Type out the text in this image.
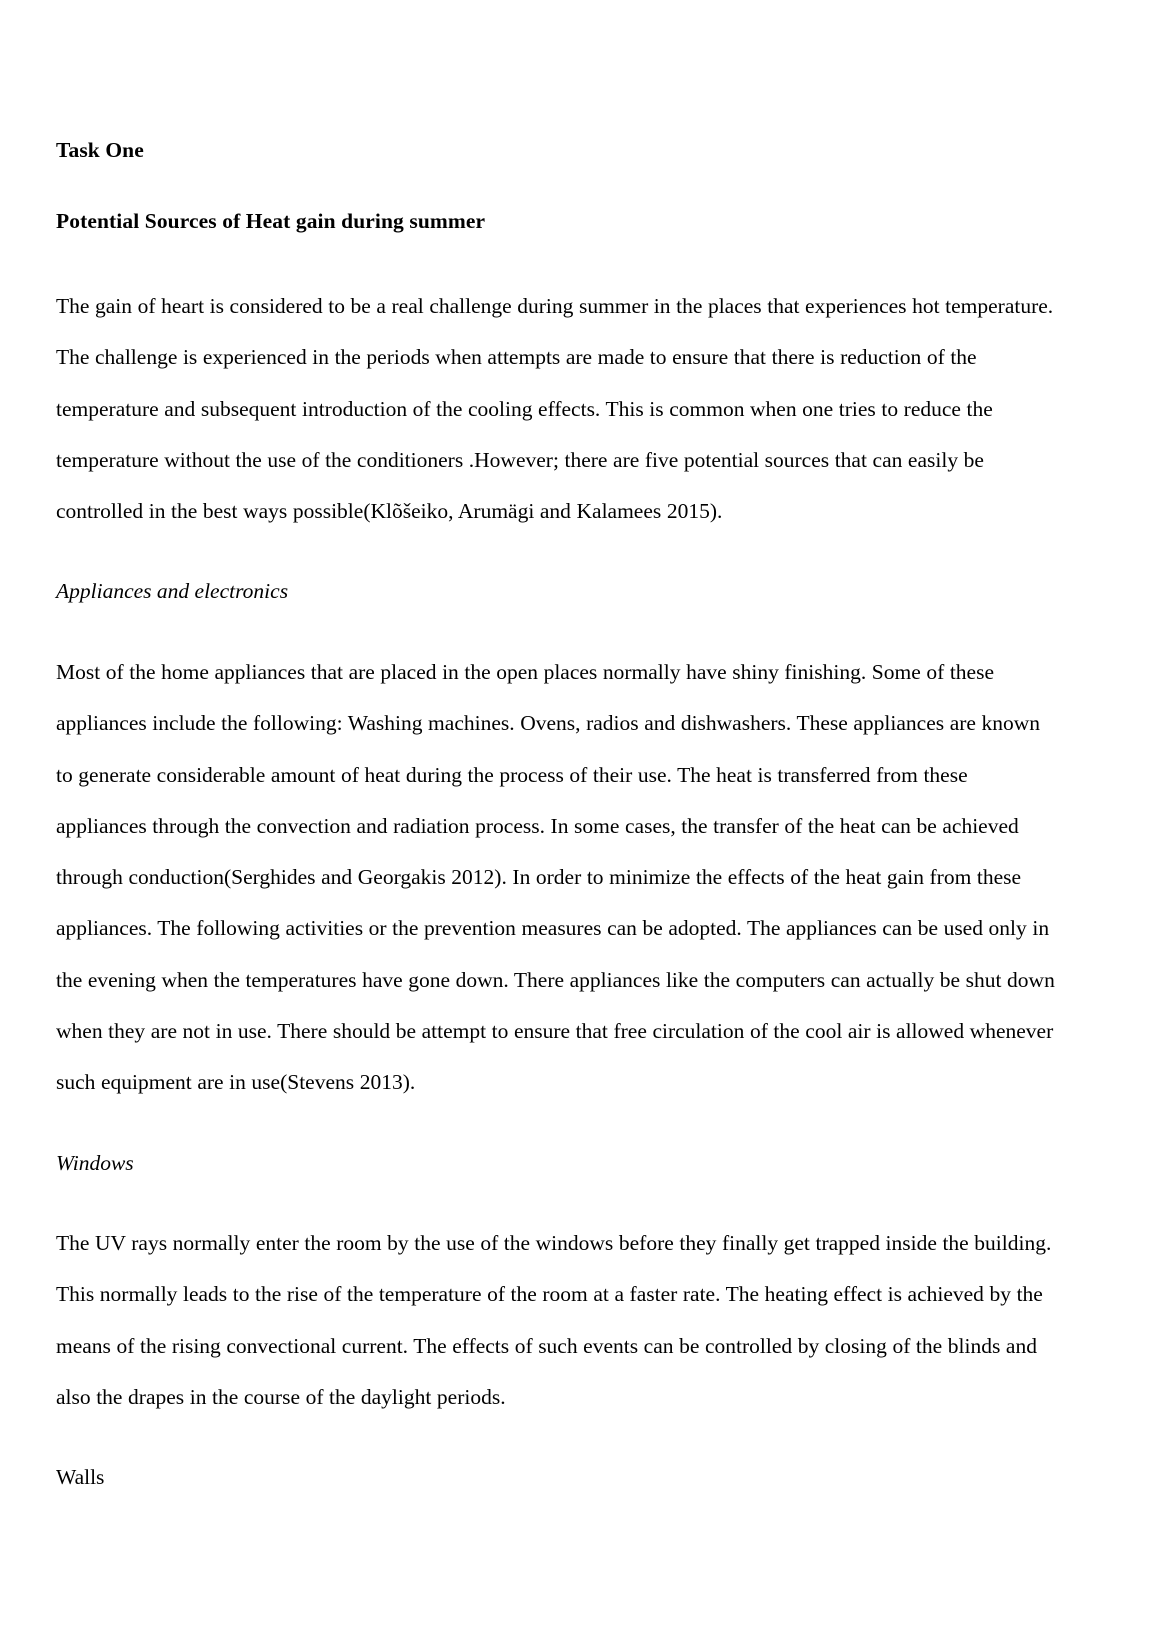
Task One
Potential Sources of Heat gain during summer

The gain of heart is considered to be a real challenge during summer in the places that experiences hot temperature. The challenge is experienced in the periods when attempts are made to ensure that there is reduction of the temperature and subsequent introduction of the cooling effects. This is common when one tries to reduce the temperature without the use of the conditioners .However; there are five potential sources that can easily be controlled in the best ways possible(Klõšeiko, Arumägi and Kalamees 2015).

Appliances and electronics

Most of the home appliances that are placed in the open places normally have shiny finishing. Some of these appliances include the following: Washing machines. Ovens, radios and dishwashers. These appliances are known to generate considerable amount of heat during the process of their use. The heat is transferred from these appliances through the convection and radiation process. In some cases, the transfer of the heat can be achieved through conduction(Serghides and Georgakis 2012). In order to minimize the effects of the heat gain from these appliances. The following activities or the prevention measures can be adopted. The appliances can be used only in the evening when the temperatures have gone down. There appliances like the computers can actually be shut down when they are not in use. There should be attempt to ensure that free circulation of the cool air is allowed whenever such equipment are in use(Stevens 2013).

Windows

The UV rays normally enter the room by the use of the windows before they finally get trapped inside the building. This normally leads to the rise of the temperature of the room at a faster rate. The heating effect is achieved by the means of the rising convectional current. The effects of such events can be controlled by closing of the blinds and also the drapes in the course of the daylight periods.

Walls
